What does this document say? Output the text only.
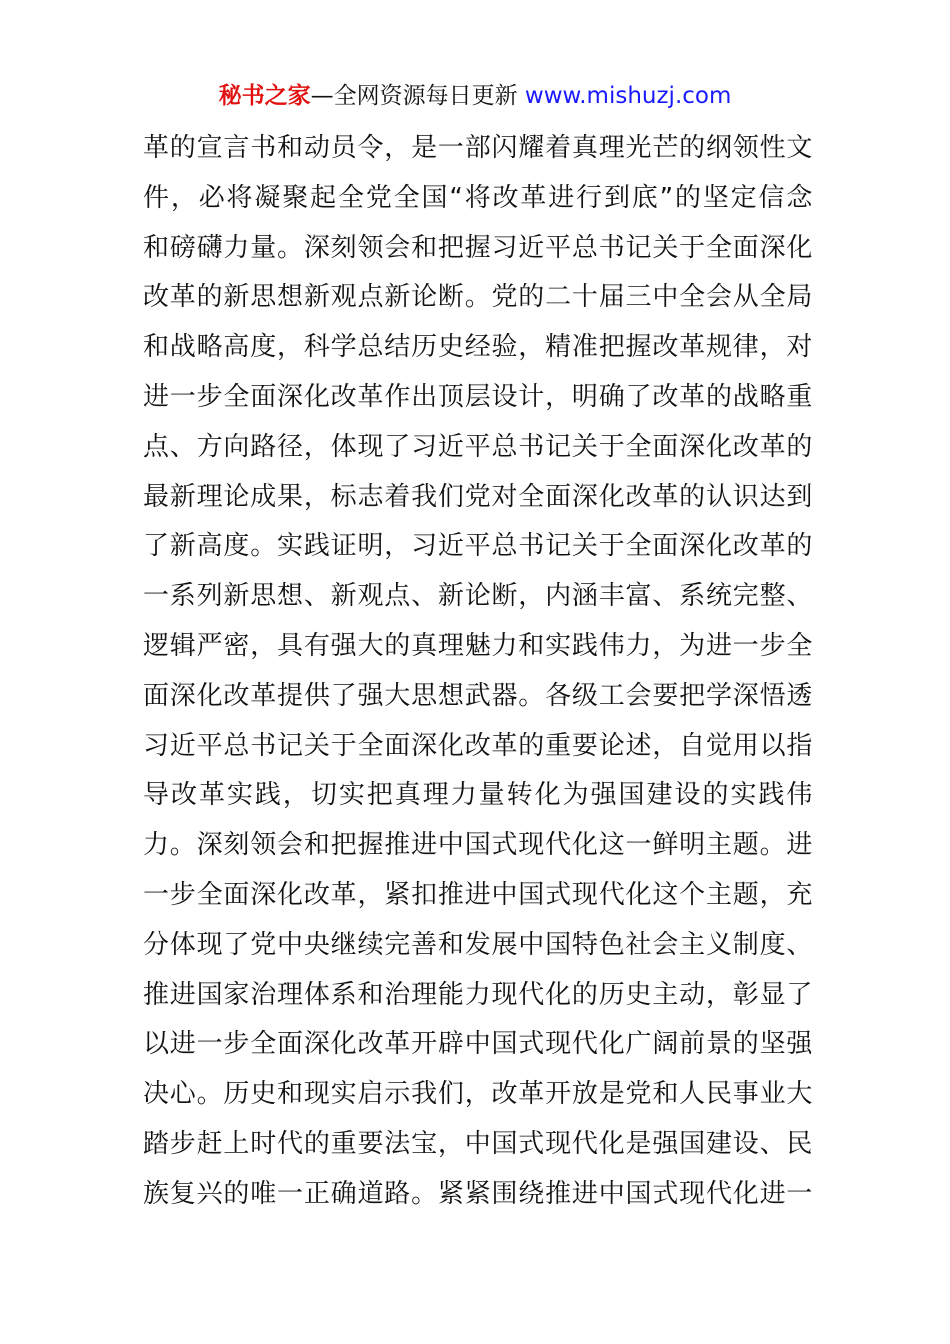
秘书之家—全网资源每日更新 www.mishuzj.com
革的宣言书和动员令，是一部闪耀着真理光芒的纲领性文
件，必将凝聚起全党全国“将改革进行到底”的坚定信念
和磅礴力量。深刻领会和把握习近平总书记关于全面深化
改革的新思想新观点新论断。党的二十届三中全会从全局
和战略高度，科学总结历史经验，精准把握改革规律，对
进一步全面深化改革作出顶层设计，明确了改革的战略重
点、方向路径，体现了习近平总书记关于全面深化改革的
最新理论成果，标志着我们党对全面深化改革的认识达到
了新高度。实践证明，习近平总书记关于全面深化改革的
一系列新思想、新观点、新论断，内涵丰富、系统完整、
逻辑严密，具有强大的真理魅力和实践伟力，为进一步全
面深化改革提供了强大思想武器。各级工会要把学深悟透
习近平总书记关于全面深化改革的重要论述，自觉用以指
导改革实践，切实把真理力量转化为强国建设的实践伟
力。深刻领会和把握推进中国式现代化这一鲜明主题。进
一步全面深化改革，紧扣推进中国式现代化这个主题，充
分体现了党中央继续完善和发展中国特色社会主义制度、
推进国家治理体系和治理能力现代化的历史主动，彰显了
以进一步全面深化改革开辟中国式现代化广阔前景的坚强
决心。历史和现实启示我们，改革开放是党和人民事业大
踏步赶上时代的重要法宝，中国式现代化是强国建设、民
族复兴的唯一正确道路。紧紧围绕推进中国式现代化进一
